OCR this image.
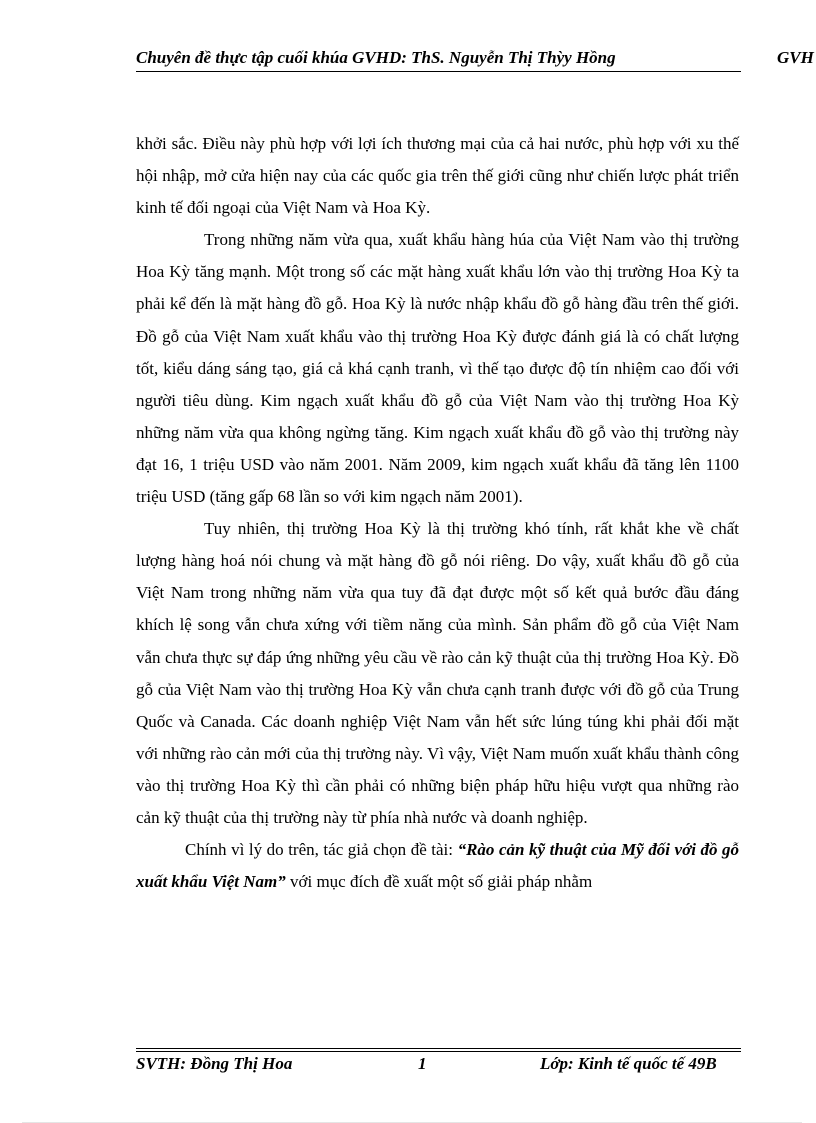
Chuyên đề thực tập cuối khúa GVHD: ThS. Nguyễn Thị Thỳy Hồng	GVH

khởi sắc. Điều này phù hợp với lợi ích thương mại của cả hai nước, phù hợp với xu thế hội nhập, mở cửa hiện nay của các quốc gia trên thế giới cũng như chiến lược phát triển kinh tế đối ngoại của Việt Nam và Hoa Kỳ.

Trong những năm vừa qua, xuất khẩu hàng húa của Việt Nam vào thị trường Hoa Kỳ tăng mạnh. Một trong số các mặt hàng xuất khẩu lớn vào thị trường Hoa Kỳ ta phải kể đến là mặt hàng đồ gỗ. Hoa Kỳ là nước nhập khẩu đồ gỗ hàng đầu trên thế giới. Đồ gỗ của Việt Nam xuất khẩu vào thị trường Hoa Kỳ được đánh giá là có chất lượng tốt, kiểu dáng sáng tạo, giá cả khá cạnh tranh, vì thế tạo được độ tín nhiệm cao đối với người tiêu dùng. Kim ngạch xuất khẩu đồ gỗ của Việt Nam vào thị trường Hoa Kỳ những năm vừa qua không ngừng tăng. Kim ngạch xuất khẩu đồ gỗ vào thị trường này đạt 16, 1 triệu USD vào năm 2001. Năm 2009, kim ngạch xuất khẩu đã tăng lên 1100 triệu USD (tăng gấp 68 lần so với kim ngạch năm 2001).

Tuy nhiên, thị trường Hoa Kỳ là thị trường khó tính, rất khắt khe về chất lượng hàng hoá nói chung và mặt hàng đồ gỗ nói riêng. Do vậy, xuất khẩu đồ gỗ của Việt Nam trong những năm vừa qua tuy đã đạt được một số kết quả bước đầu đáng khích lệ song vẫn chưa xứng với tiềm năng của mình. Sản phẩm đồ gỗ của Việt Nam vẫn chưa thực sự đáp ứng những yêu cầu về rào cản kỹ thuật của thị trường Hoa Kỳ. Đồ gỗ của Việt Nam vào thị trường Hoa Kỳ vẫn chưa cạnh tranh được với đồ gỗ của Trung Quốc và Canada. Các doanh nghiệp Việt Nam vẫn hết sức lúng túng khi phải đối mặt với những rào cản mới của thị trường này. Vì vậy, Việt Nam muốn xuất khẩu thành công vào thị trường Hoa Kỳ thì cần phải có những biện pháp hữu hiệu vượt qua những rào cản kỹ thuật của thị trường này từ phía nhà nước và doanh nghiệp.

Chính vì lý do trên, tác giả chọn đề tài: “Rào cản kỹ thuật của Mỹ đối với đồ gỗ xuất khẩu Việt Nam” với mục đích đề xuất một số giải pháp nhằm

SVTH: Đồng Thị Hoa	1	Lớp: Kinh tế quốc tế 49B
